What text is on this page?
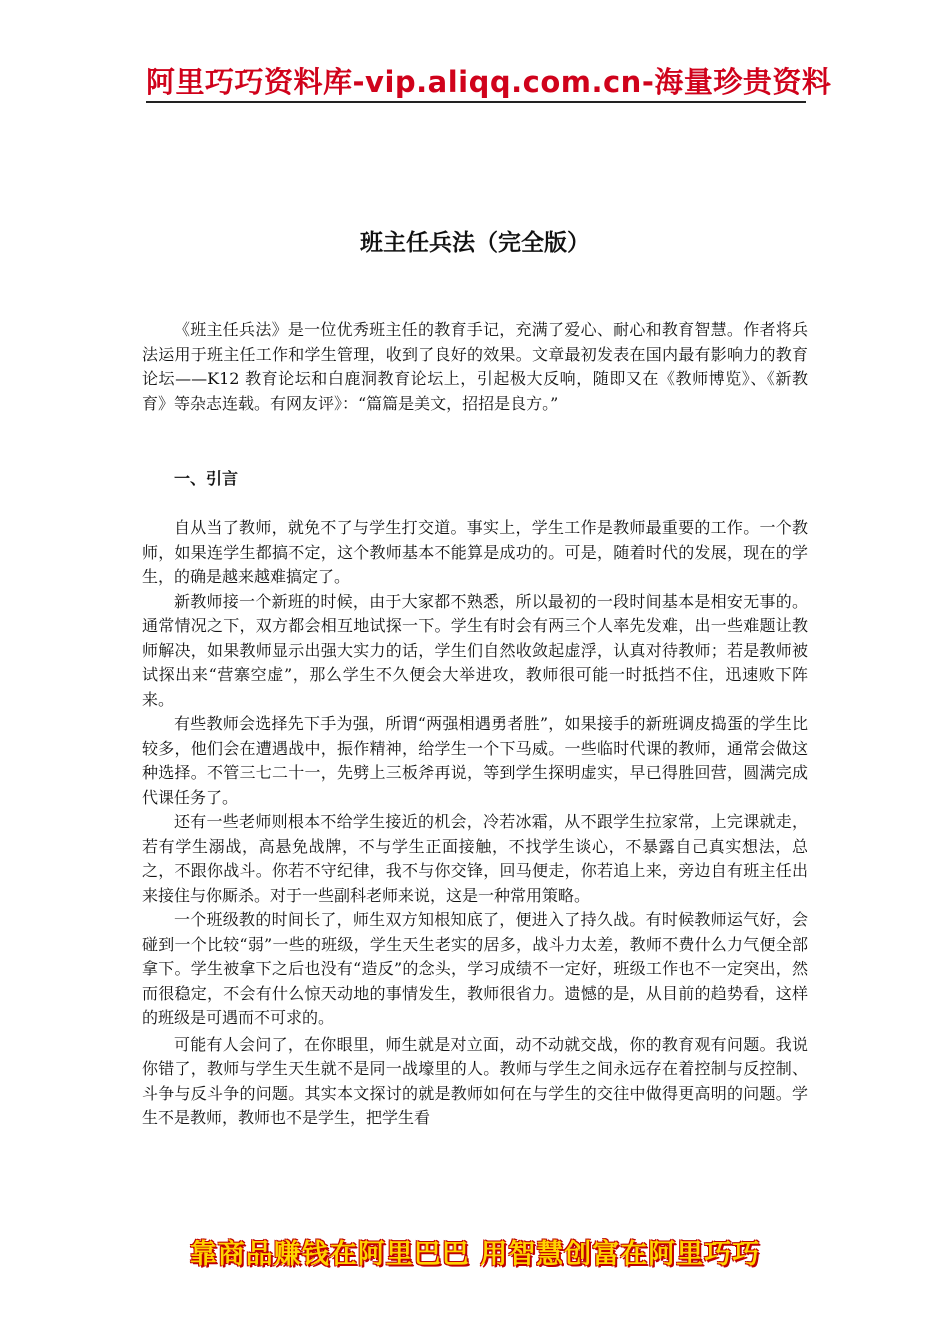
阿里巧巧资料库-vip.aliqq.com.cn-海量珍贵资料
班主任兵法（完全版）

《班主任兵法》是一位优秀班主任的教育手记，充满了爱心、耐心和教育智慧。作者将兵法运用于班主任工作和学生管理，收到了良好的效果。文章最初发表在国内最有影响力的教育论坛——K12 教育论坛和白鹿洞教育论坛上，引起极大反响，随即又在《教师博览》、《新教育》等杂志连载。有网友评》：“篇篇是美文，招招是良方。”

一、引言

自从当了教师，就免不了与学生打交道。事实上，学生工作是教师最重要的工作。一个教师，如果连学生都搞不定，这个教师基本不能算是成功的。可是，随着时代的发展，现在的学生，的确是越来越难搞定了。

新教师接一个新班的时候，由于大家都不熟悉，所以最初的一段时间基本是相安无事的。通常情况之下，双方都会相互地试探一下。学生有时会有两三个人率先发难，出一些难题让教师解决，如果教师显示出强大实力的话，学生们自然收敛起虚浮，认真对待教师；若是教师被试探出来“营寨空虚”，那么学生不久便会大举进攻，教师很可能一时抵挡不住，迅速败下阵来。

有些教师会选择先下手为强，所谓“两强相遇勇者胜”，如果接手的新班调皮捣蛋的学生比较多，他们会在遭遇战中，振作精神，给学生一个下马威。一些临时代课的教师，通常会做这种选择。不管三七二十一，先劈上三板斧再说，等到学生探明虚实，早已得胜回营，圆满完成代课任务了。

还有一些老师则根本不给学生接近的机会，冷若冰霜，从不跟学生拉家常，上完课就走，若有学生溺战，高悬免战牌，不与学生正面接触，不找学生谈心，不暴露自己真实想法，总之，不跟你战斗。你若不守纪律，我不与你交锋，回马便走，你若追上来，旁边自有班主任出来接住与你厮杀。对于一些副科老师来说，这是一种常用策略。

一个班级教的时间长了，师生双方知根知底了，便进入了持久战。有时候教师运气好，会碰到一个比较“弱”一些的班级，学生天生老实的居多，战斗力太差，教师不费什么力气便全部拿下。学生被拿下之后也没有“造反”的念头，学习成绩不一定好，班级工作也不一定突出，然而很稳定，不会有什么惊天动地的事情发生，教师很省力。遗憾的是，从目前的趋势看，这样的班级是可遇而不可求的。

可能有人会问了，在你眼里，师生就是对立面，动不动就交战，你的教育观有问题。我说你错了，教师与学生天生就不是同一战壕里的人。教师与学生之间永远存在着控制与反控制、斗争与反斗争的问题。其实本文探讨的就是教师如何在与学生的交往中做得更高明的问题。学生不是教师，教师也不是学生，把学生看

靠商品赚钱在阿里巴巴 用智慧创富在阿里巧巧
